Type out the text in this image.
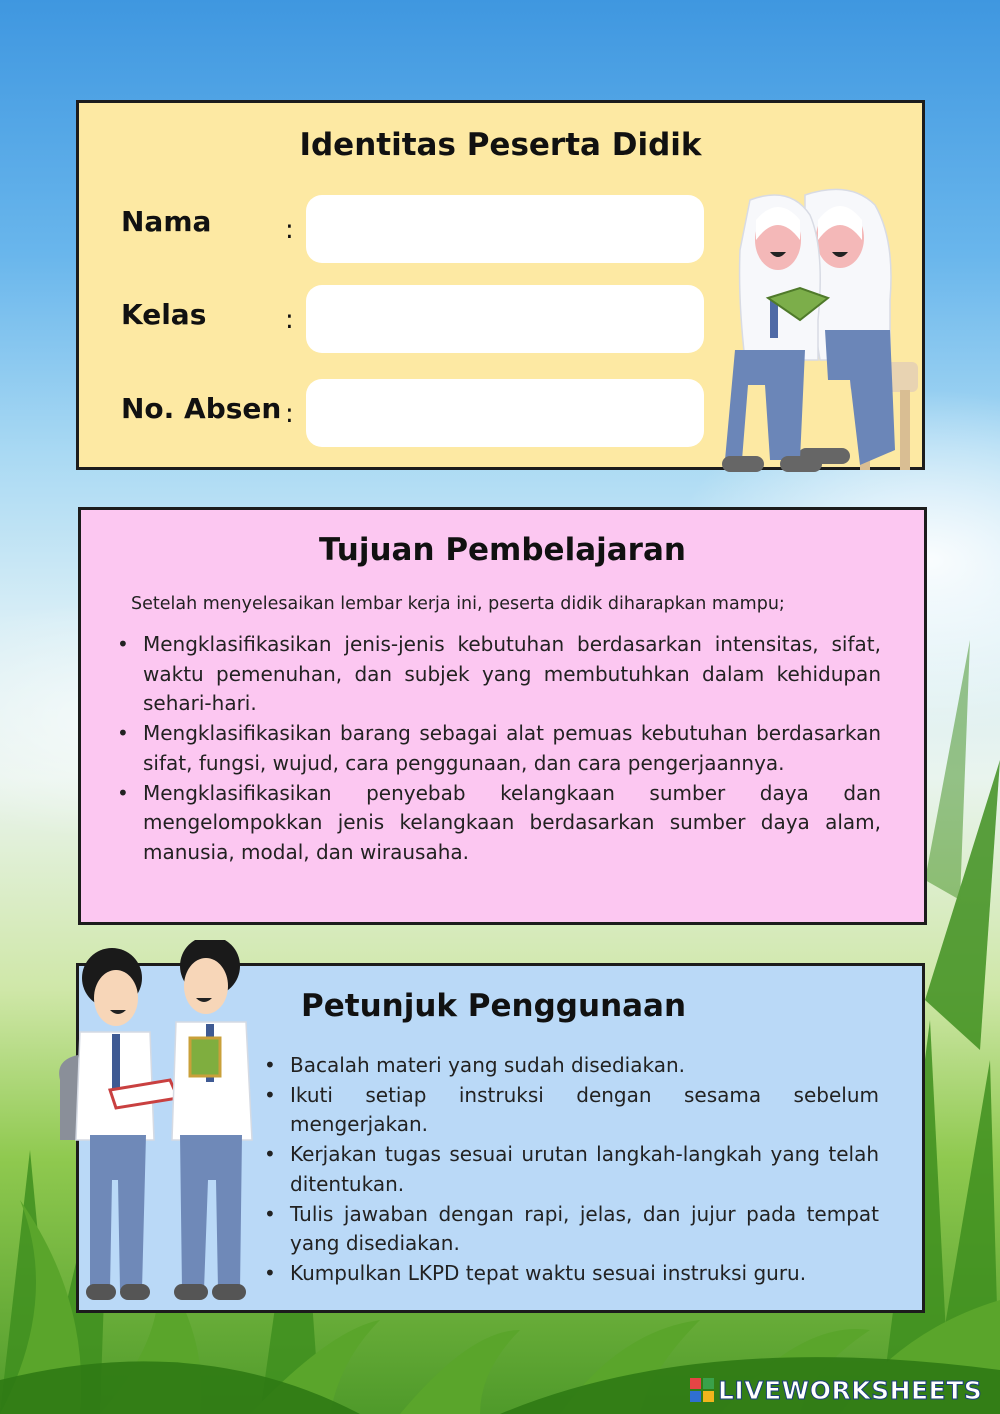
Identitas Peserta Didik
Nama	:
Kelas	:
No. Absen :
Tujuan Pembelajaran

Setelah menyelesaikan lembar kerja ini, peserta didik diharapkan mampu;

• Mengklasifikasikan jenis-jenis kebutuhan berdasarkan intensitas, sifat, waktu pemenuhan, dan subjek yang membutuhkan dalam kehidupan sehari-hari.
• Mengklasifikasikan barang sebagai alat pemuas kebutuhan berdasarkan sifat, fungsi, wujud, cara penggunaan, dan cara pengerjaannya.
• Mengklasifikasikan penyebab kelangkaan sumber daya dan mengelompokkan jenis kelangkaan berdasarkan sumber daya alam, manusia, modal, dan wirausaha.
Petunjuk Penggunaan
• Bacalah materi yang sudah disediakan.
• Ikuti setiap instruksi dengan sesama sebelum mengerjakan.
• Kerjakan tugas sesuai urutan langkah-langkah yang telah ditentukan.
• Tulis jawaban dengan rapi, jelas, dan jujur pada tempat yang disediakan.
• Kumpulkan LKPD tepat waktu sesuai instruksi guru.
LIVEWORKSHEETS
